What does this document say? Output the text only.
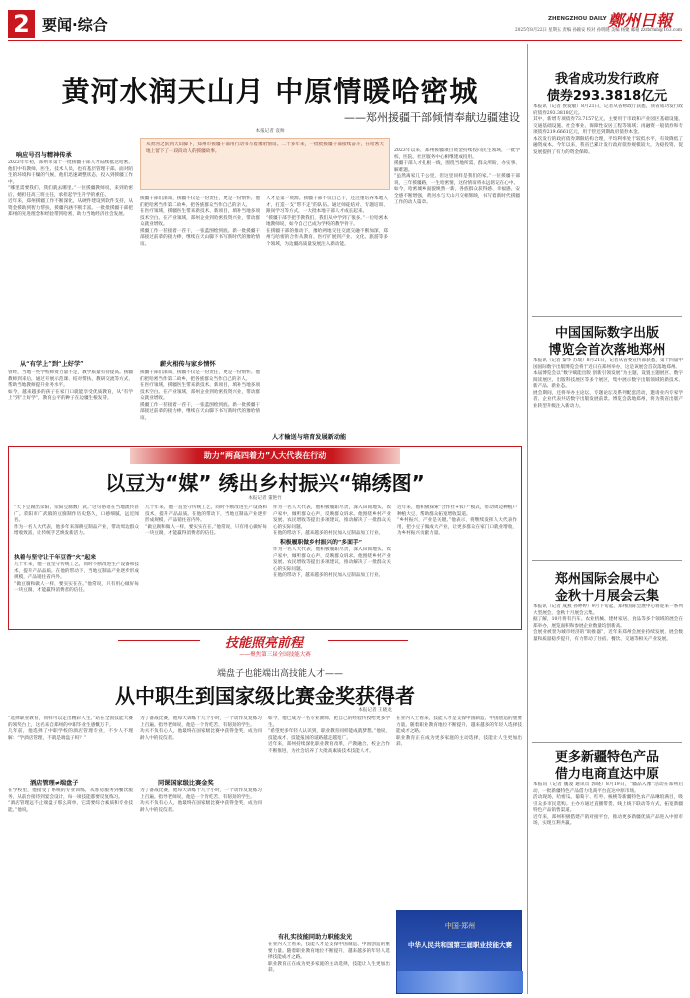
2 要闻·综合	ZHENGZHOU DAILY 鄭州日報
2025年8月22日 星期五 责编 孙颖安 校对 孙明晓 美编 杨婕 邮箱 zzrbrmb@163.com
黄河水润天山月 中原情暖哈密城
——郑州援疆干部倾情奉献边疆建设
本报记者 袁帅
从黄河之滨到天山脚下，郑州市援疆干部用行动书写着豫哈情谊。二十多年来，一批批援疆干部接续奋斗，在哈密大地上留下了一段段动人的援疆故事。
响应号召与精神传承
2023年年初，郑州市第十一批援疆干部人才陆续抵达哈密。他们中有教师、医生、技术人员，也有基层管理干部。面对陌生的环境和干燥的气候，他们迅速调整状态，投入到援疆工作中。
“哪里需要我们，我们就去哪里。”一位援疆教师说，来到哈密后，她担任高三班主任，承担起学生升学的重任。
近年来，郑州援疆工作不断深化，从硬件建设到软件支持，从资金援助到智力帮扶，援疆内涵不断丰富。一批批援疆干部把郑州的先进理念和经验带到哈密，助力当地经济社会发展。
从“有学上”到“上好学”
曾经，当地一些学校师资力量不足，教学质量有待提高。援疆教师到来后，通过开展示范课、结对帮扶、教研交流等方式，帮助当地教师提升业务水平。
如今，越来越多的孩子在家门口就能享受优质教育，从“有学上”到“上好学”，教育公平的种子在边疆生根发芽。
援疆干部们深知，援疆不仅是一份责任，更是一份情怀。他们把哈密当作第二故乡，把各族群众当作自己的亲人。
在医疗领域，援疆医生带来新技术、新项目，填补当地多项技术空白。在产业领域，郑州企业到哈密投资兴业，带动群众就业增收。
援疆工作一茬接着一茬干，一张蓝图绘到底。新一批援疆干部接过前辈的接力棒，继续在天山脚下书写新时代的豫哈情谊。
薪火相传与家乡情怀
援疆干部们深知，援疆不仅是一份责任，更是一份情怀。他们把哈密当作第二故乡，把各族群众当作自己的亲人。
在医疗领域，援疆医生带来新技术、新项目，填补当地多项技术空白。在产业领域，郑州企业到哈密投资兴业，带动群众就业增收。
援疆工作一茬接着一茬干，一张蓝图绘到底。新一批援疆干部接过前辈的接力棒，继续在天山脚下书写新时代的豫哈情谊。
人才是第一资源。援疆干部不仅自己干，还注重培养本地人才，打造一支“带不走”的队伍。通过师徒结对、专题培训、跟岗学习等方式，一大批本地干部人才成长起来。
“援疆干部手把手教我们，我们从中学到了很多。”一位哈密本地教师说，如今自己已成为学校的教学骨干。
在援疆干部的推动下，豫哈两地交往交流交融不断加深，郑州与哈密的合作从教育、医疗扩展到产业、文化、旅游等多个领域，为边疆高质量发展注入新动能。
人才输送与培育发展新动能
2023年以来，郑州援疆项目资金持续投向民生领域，一批学校、医院、社区服务中心相继建成投用。
援疆干部人才扎根一线，围绕当地所需、群众所盼，办实事、解难题。
“虽然离家几千公里，但这里同样是我们的家。”一位援疆干部说，三年援疆路，一生哈密情，这份情谊将永远铭记在心中。
如今，哈密城乡面貌焕然一新，各族群众获得感、幸福感、安全感不断增强，黄河水与天山月交相辉映，书写着新时代援疆工作的动人篇章。
我省成功发行政府
债券293.3818亿元
本报讯（记者 侯爱敏）8月21日，记者从省财政厅获悉，我省成功发行政府债券293.3818亿元。
其中，新增专项债券73.7157亿元，主要用于市政和产业园区基础设施、交通基础设施、社会事业、保障性安居工程等领域；再融资一般债券和专项债券219.6661亿元，用于偿还到期政府债券本金。
本次发行的政府债券期限结构合理，平均利率处于较低水平，有效降低了融资成本。今年以来，我省已累计发行政府债券规模较大，为稳投资、促发展提供了有力的资金保障。
中国国际数字出版
博览会首次落地郑州
本报讯（记者 秦华 苏瑞）8月21日，记者从省委宣传部获悉，第十四届中国国际数字出版博览会将于近日在郑州举办，这是该展会首次落地郑州。
本届博览会以“数字赋能出版 创新引领发展”为主题，设置主题展区、数字阅读展区、出版科技展区等多个展区，集中展示数字出版领域的新技术、新产品、新业态。
展会期间，还将举办主论坛、专题论坛及系列配套活动，邀请业内专家学者、企业代表共话数字出版发展前景。博览会落地郑州，将为我省出版产业转型升级注入新动力。
郑州国际会展中心
金秋十月展会云集
本报讯（记者 成燕 孙婷婷）9月下旬起，郑州国际会展中心将迎来一系列大型展会，金秋十月展会云集。
据了解，10月将有汽车、农业机械、建材家居、食品等多个领域的展会在郑举办，展览面积和参展企业数量均创新高。
会展业被誉为城市经济的“助推器”，近年来郑州会展业持续发展，展会数量和质量稳步提升，有力带动了住宿、餐饮、交通等相关产业发展。
更多新疆特色产品
借力电商直达中原
本报讯（记者 魏凌 通讯员 郭晓）8月19日，“疆品入豫”活动在郑州启动，一批新疆特色产品借力电商平台直达中原市场。
活动现场，哈密瓜、葡萄干、红枣、核桃等新疆特色农产品琳琅满目，吸引众多市民选购。主办方通过直播带货、线上线下联动等方式，拓宽新疆特色产品销售渠道。
近年来，郑州积极搭建产销对接平台，推动更多新疆优质产品进入中原市场，实现互利共赢。
助力“两高四着力”人大代表在行动
以豆为“媒” 绣出乡村振兴“锦绣图”
本报记者 董艳竹
“天下豆腐出荥阳，荥阳豆腐数广武。”这句俗语在当地流传甚广。荥阳市广武镇的豆腐制作历史悠久，口感细腻，远近闻名。
作为一名人大代表，他多年来深耕豆制品产业，带动周边群众增收致富，让传统手艺焕发新活力。
执着与坚守让千年豆香“火”起来
几十年来，他一直坚守传统工艺，同时不断改进生产设备和技术，提升产品品质。在他的带动下，当地豆制品产业逐步形成规模，产品销往省内外。
“做豆腐和做人一样，要实实在在。”他常说，只有用心做好每一块豆腐，才能赢得消费者的信任。
几十年来，他一直坚守传统工艺，同时不断改进生产设备和技术，提升产品品质。在他的带动下，当地豆制品产业逐步形成规模，产品销往省内外。
“做豆腐和做人一样，要实实在在。”他常说，只有用心做好每一块豆腐，才能赢得消费者的信任。
作为一名人大代表，他积极履职尽责，深入田间地头、农户家中，倾听群众心声，反映群众诉求。他围绕乡村产业发展、农民增收等提出多项建议，推动解决了一批群众关心的实际问题。
在他的带动下，越来越多的村民加入豆制品加工行业。
积极履职做乡村振兴的“多面手”
作为一名人大代表，他积极履职尽责，深入田间地头、农户家中，倾听群众心声，反映群众诉求。他围绕乡村产业发展、农民增收等提出多项建议，推动解决了一批群众关心的实际问题。
在他的带动下，越来越多的村民加入豆制品加工行业。
近年来，他积极探索“合作社+农户”模式，带动周边种植户种植大豆，帮助群众拓宽增收渠道。
“乡村振兴，产业是关键。”他表示，将继续发挥人大代表作用，把小豆子做成大产业，让更多群众在家门口就业增收，为乡村振兴贡献力量。
技能照亮前程
——聚焦第三届全国技能大赛
端盘子也能端出高技能人才——
从中职生到国家级比赛金奖获得者
本报记者 王晓龙
“选择职业教育，同样可以走出精彩人生。”站在全国技能大赛的领奖台上，这名来自郑州的中职毕业生感慨万千。
几年前，他选择了中职学校的酒店管理专业，不少人不理解：“学酒店管理，不就是端盘子吗？”
酒店管理≠端盘子
在学校里，他接受了系统的专业训练，从客房服务到餐饮服务，从前台接待到宴会设计，每一项技能都要反复练习。
“酒店管理远不止端盘子那么简单，它需要综合素质和专业技能。”他说。
为了备战比赛，他每天训练十几个小时，一个动作反复练习上百遍。指导老师说，他是一个肯吃苦、有韧劲的学生。
功夫不负有心人，他最终在国家级比赛中获得金奖，成为同龄人中的佼佼者。
同课国家级比赛金奖
为了备战比赛，他每天训练十几个小时，一个动作反复练习上百遍。指导老师说，他是一个肯吃苦、有韧劲的学生。
功夫不负有心人，他最终在国家级比赛中获得金奖，成为同龄人中的佼佼者。
如今，他已成为一名专业教师，把自己的经验传授给更多学生。
“希望更多年轻人认识到，职业教育同样能成就梦想。”他说，技能成才、技能报国的道路越走越宽广。
近年来，郑州持续深化职业教育改革，产教融合、校企合作不断推进，为社会培养了大批高素质技术技能人才。
有扎实技能同助力职能发光
在业内人士看来，技能人才是支撑中国制造、中国创造的重要力量。随着职业教育地位不断提升，越来越多的年轻人选择技能成才之路。
职业教育正在成为更多家庭的主动选择，技能让人生更加出彩。
在业内人士看来，技能人才是支撑中国制造、中国创造的重要力量。随着职业教育地位不断提升，越来越多的年轻人选择技能成才之路。
职业教育正在成为更多家庭的主动选择，技能让人生更加出彩。
中国·郑州
中华人民共和国第三届职业技能大赛
